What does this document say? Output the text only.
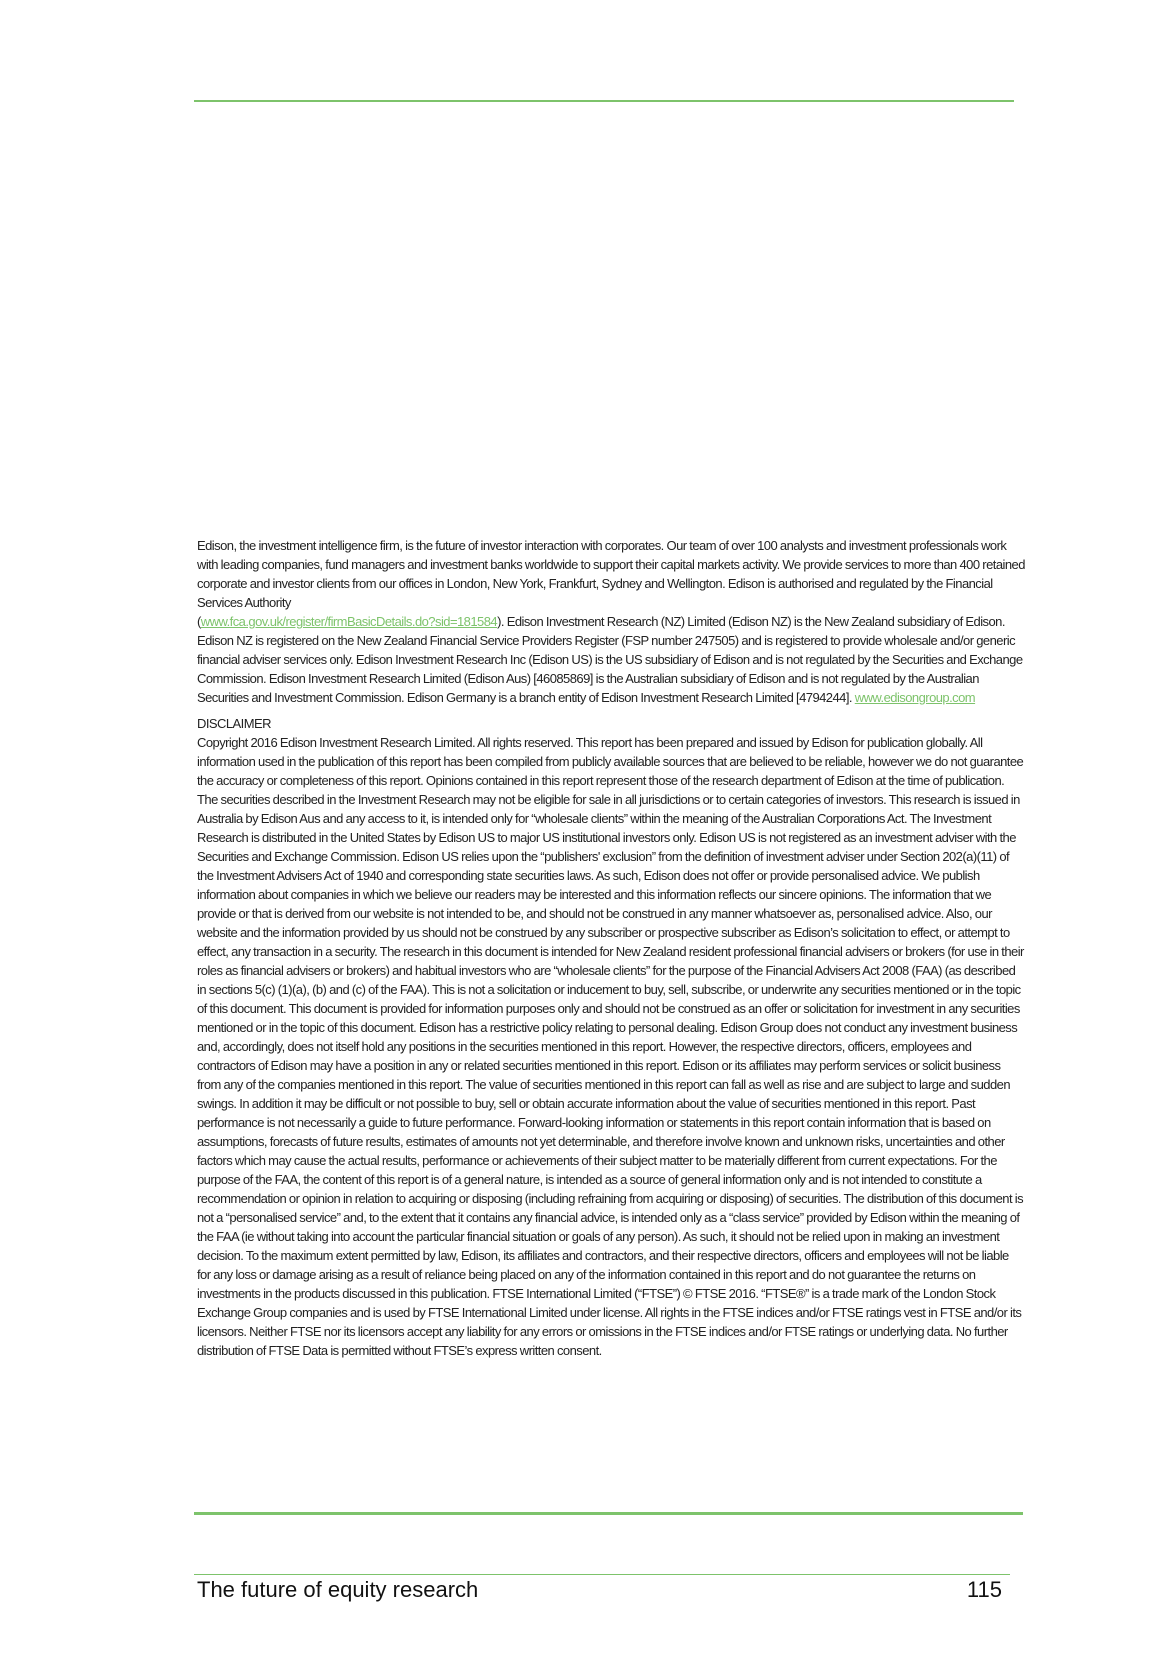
Edison, the investment intelligence firm, is the future of investor interaction with corporates. Our team of over 100 analysts and investment professionals work with leading companies, fund managers and investment banks worldwide to support their capital markets activity. We provide services to more than 400 retained corporate and investor clients from our offices in London, New York, Frankfurt, Sydney and Wellington. Edison is authorised and regulated by the Financial Services Authority
(www.fca.gov.uk/register/firmBasicDetails.do?sid=181584). Edison Investment Research (NZ) Limited (Edison NZ) is the New Zealand subsidiary of Edison. Edison NZ is registered on the New Zealand Financial Service Providers Register (FSP number 247505) and is registered to provide wholesale and/or generic financial adviser services only. Edison Investment Research Inc (Edison US) is the US subsidiary of Edison and is not regulated by the Securities and Exchange Commission. Edison Investment Research Limited (Edison Aus) [46085869] is the Australian subsidiary of Edison and is not regulated by the Australian Securities and Investment Commission. Edison Germany is a branch entity of Edison Investment Research Limited [4794244]. www.edisongroup.com

DISCLAIMER

Copyright 2016 Edison Investment Research Limited. All rights reserved. This report has been prepared and issued by Edison for publication globally. All information used in the publication of this report has been compiled from publicly available sources that are believed to be reliable, however we do not guarantee the accuracy or completeness of this report. Opinions contained in this report represent those of the research department of Edison at the time of publication. The securities described in the Investment Research may not be eligible for sale in all jurisdictions or to certain categories of investors. This research is issued in Australia by Edison Aus and any access to it, is intended only for “wholesale clients” within the meaning of the Australian Corporations Act. The Investment Research is distributed in the United States by Edison US to major US institutional investors only. Edison US is not registered as an investment adviser with the Securities and Exchange Commission. Edison US relies upon the “publishers' exclusion” from the definition of investment adviser under Section 202(a)(11) of the Investment Advisers Act of 1940 and corresponding state securities laws. As such, Edison does not offer or provide personalised advice. We publish information about companies in which we believe our readers may be interested and this information reflects our sincere opinions. The information that we provide or that is derived from our website is not intended to be, and should not be construed in any manner whatsoever as, personalised advice. Also, our website and the information provided by us should not be construed by any subscriber or prospective subscriber as Edison’s solicitation to effect, or attempt to effect, any transaction in a security. The research in this document is intended for New Zealand resident professional financial advisers or brokers (for use in their roles as financial advisers or brokers) and habitual investors who are “wholesale clients” for the purpose of the Financial Advisers Act 2008 (FAA) (as described in sections 5(c) (1)(a), (b) and (c) of the FAA). This is not a solicitation or inducement to buy, sell, subscribe, or underwrite any securities mentioned or in the topic of this document. This document is provided for information purposes only and should not be construed as an offer or solicitation for investment in any securities mentioned or in the topic of this document. Edison has a restrictive policy relating to personal dealing. Edison Group does not conduct any investment business and, accordingly, does not itself hold any positions in the securities mentioned in this report. However, the respective directors, officers, employees and contractors of Edison may have a position in any or related securities mentioned in this report. Edison or its affiliates may perform services or solicit business from any of the companies mentioned in this report. The value of securities mentioned in this report can fall as well as rise and are subject to large and sudden swings. In addition it may be difficult or not possible to buy, sell or obtain accurate information about the value of securities mentioned in this report. Past performance is not necessarily a guide to future performance. Forward-looking information or statements in this report contain information that is based on assumptions, forecasts of future results, estimates of amounts not yet determinable, and therefore involve known and unknown risks, uncertainties and other factors which may cause the actual results, performance or achievements of their subject matter to be materially different from current expectations. For the purpose of the FAA, the content of this report is of a general nature, is intended as a source of general information only and is not intended to constitute a recommendation or opinion in relation to acquiring or disposing (including refraining from acquiring or disposing) of securities. The distribution of this document is not a “personalised service” and, to the extent that it contains any financial advice, is intended only as a “class service” provided by Edison within the meaning of the FAA (ie without taking into account the particular financial situation or goals of any person). As such, it should not be relied upon in making an investment decision. To the maximum extent permitted by law, Edison, its affiliates and contractors, and their respective directors, officers and employees will not be liable for any loss or damage arising as a result of reliance being placed on any of the information contained in this report and do not guarantee the returns on investments in the products discussed in this publication. FTSE International Limited (“FTSE”) © FTSE 2016. “FTSE®” is a trade mark of the London Stock Exchange Group companies and is used by FTSE International Limited under license. All rights in the FTSE indices and/or FTSE ratings vest in FTSE and/or its licensors. Neither FTSE nor its licensors accept any liability for any errors or omissions in the FTSE indices and/or FTSE ratings or underlying data. No further distribution of FTSE Data is permitted without FTSE’s express written consent.

The future of equity research	115
